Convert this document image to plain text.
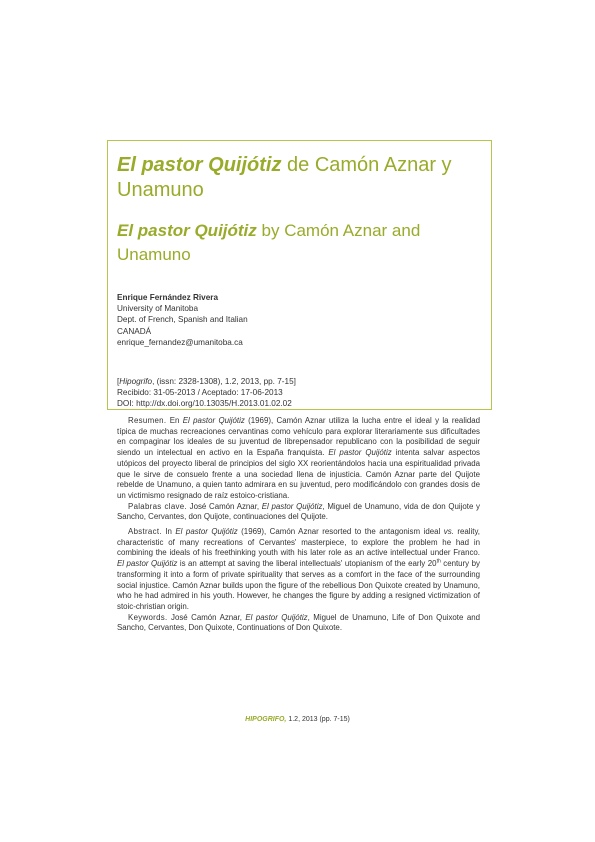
El pastor Quijótiz de Camón Aznar y Unamuno
El pastor Quijótiz by Camón Aznar and Unamuno
Enrique Fernández Rivera
University of Manitoba
Dept. of French, Spanish and Italian
CANADÁ
enrique_fernandez@umanitoba.ca
[Hipogrifo, (issn: 2328-1308), 1.2, 2013, pp. 7-15]
Recibido: 31-05-2013 / Aceptado: 17-06-2013
DOI: http://dx.doi.org/10.13035/H.2013.01.02.02

Resumen. En El pastor Quijótiz (1969), Camón Aznar utiliza la lucha entre el ideal y la realidad típica de muchas recreaciones cervantinas como vehículo para explorar literariamente sus dificultades en compaginar los ideales de su juventud de librepensador republicano con la posibilidad de seguir siendo un intelectual en activo en la España franquista. El pastor Quijótiz intenta salvar aspectos utópicos del proyecto liberal de principios del siglo XX reorientándolos hacia una espiritualidad privada que le sirve de consuelo frente a una sociedad llena de injusticia. Camón Aznar parte del Quijote rebelde de Unamuno, a quien tanto admirara en su juventud, pero modificándolo con grandes dosis de un victimismo resignado de raíz estoico-cristiana.

Palabras clave. José Camón Aznar, El pastor Quijótiz, Miguel de Unamuno, vida de don Quijote y Sancho, Cervantes, don Quijote, continuaciones del Quijote.

Abstract. In El pastor Quijótiz (1969), Camón Aznar resorted to the antagonism ideal vs. reality, characteristic of many recreations of Cervantes' masterpiece, to explore the problem he had in combining the ideals of his freethinking youth with his later role as an active intellectual under Franco. El pastor Quijótiz is an attempt at saving the liberal intellectuals' utopianism of the early 20th century by transforming it into a form of private spirituality that serves as a comfort in the face of the surrounding social injustice. Camón Aznar builds upon the figure of the rebellious Don Quixote created by Unamuno, who he had admired in his youth. However, he changes the figure by adding a resigned victimization of stoic-christian origin.

Keywords. José Camón Aznar, El pastor Quijótiz, Miguel de Unamuno, Life of Don Quixote and Sancho, Cervantes, Don Quixote, Continuations of Don Quixote.

HIPOGRIFO, 1.2, 2013 (pp. 7-15)
